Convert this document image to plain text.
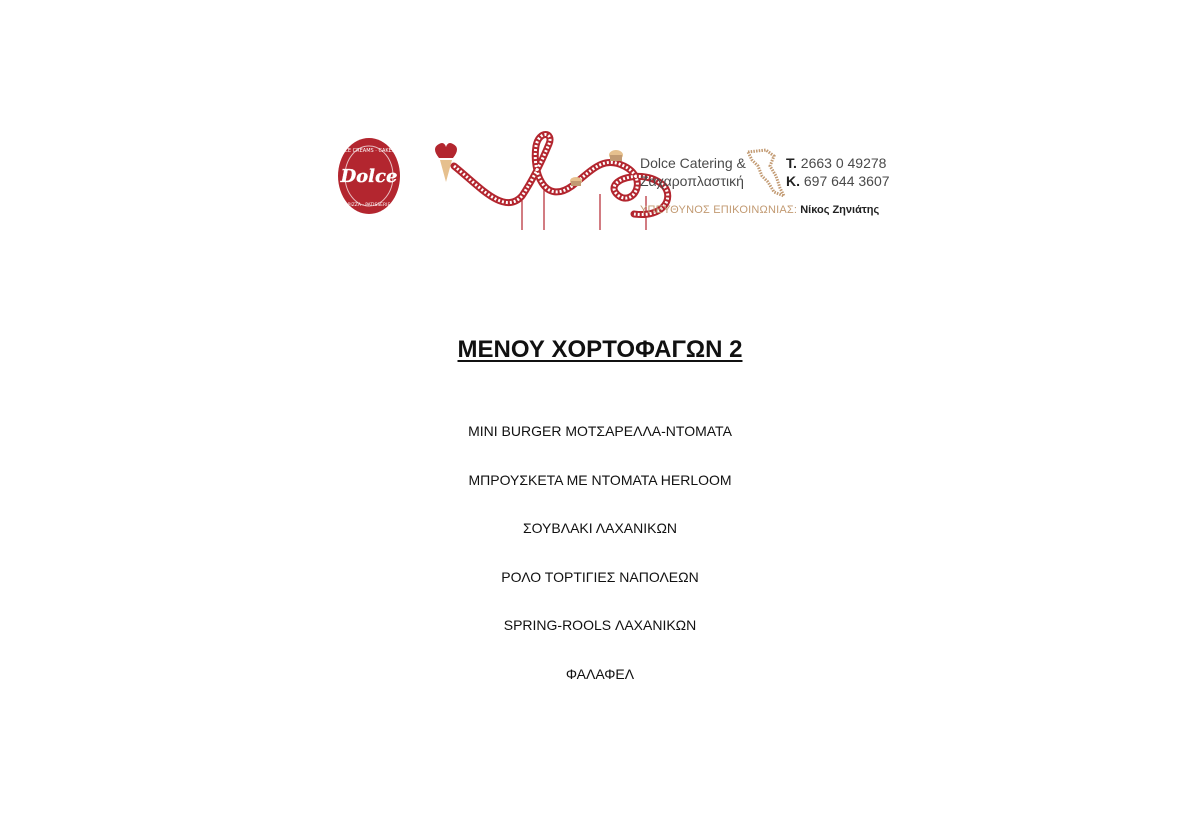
Dolce
ICE CREAMS · CAKES
PIZZA · PATISSERIE
Dolce Catering &
Ζαχαροπλαστική
Τ. 2663 0 49278
Κ. 697 644 3607
ΥΠΕΥΘΥΝΟΣ ΕΠΙΚΟΙΝΩΝΙΑΣ: Νίκος Ζηνιάτης
ΜΕΝΟΥ ΧΟΡΤΟΦΑΓΩΝ 2
MINI BURGER ΜΟΤΣΑΡΕΛΛΑ-ΝΤΟΜΑΤΑ
ΜΠΡΟΥΣΚΕΤΑ ΜΕ ΝΤΟΜΑΤΑ HERLOOM
ΣΟΥΒΛΑΚΙ ΛΑΧΑΝΙΚΩΝ
ΡΟΛΟ ΤΟΡΤΙΓΙΕΣ ΝΑΠΟΛΕΩΝ
SPRING-ROOLS ΛΑΧΑΝΙΚΩΝ
ΦΑΛΑΦΕΛ
